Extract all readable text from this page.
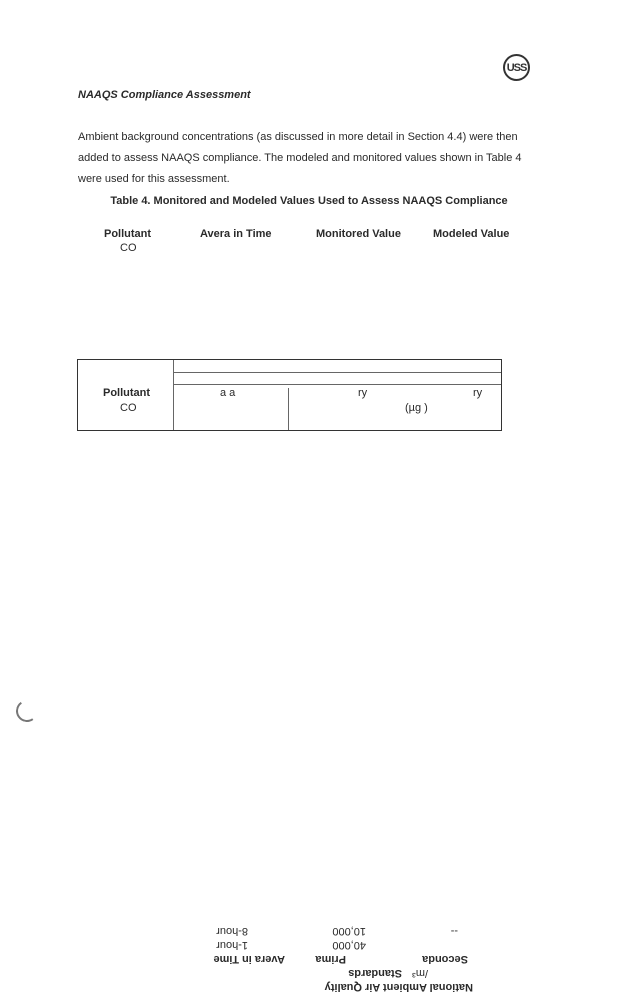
USS
NAAQS Compliance Assessment
Ambient background concentrations (as discussed in more detail in Section 4.4) were then added to assess NAAQS compliance. The modeled and monitored values shown in Table 4 were used for this assessment.
Table 4. Monitored and Modeled Values Used to Assess NAAQS Compliance
Pollutant	Avera in Time	Monitored Value	Modeled Value
CO
National Ambient Air Quality
Standards /m³
Avera in Time	Prima	Seconda
1-hour	40,000
8-hour	10,000	--
Pollutant
CO
a a	ry	ry
(µg )
